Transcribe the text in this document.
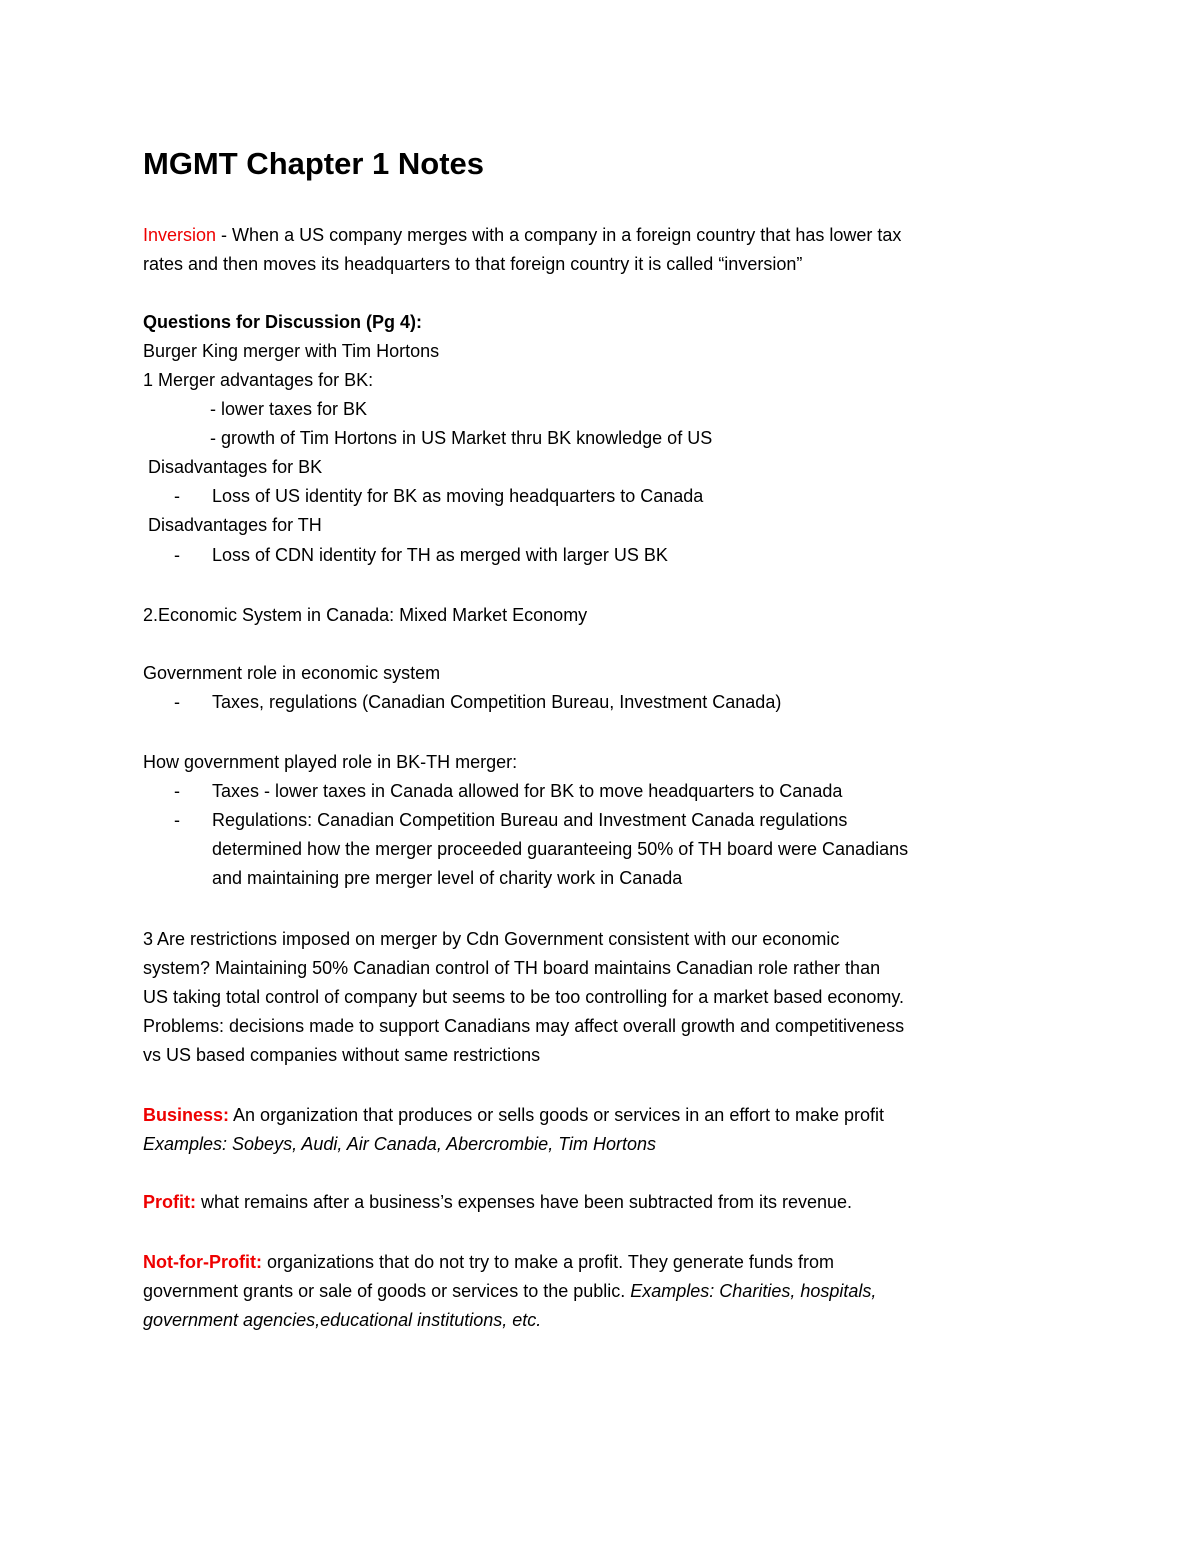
MGMT Chapter 1 Notes

Inversion - When a US company merges with a company in a foreign country that has lower tax

rates and then moves its headquarters to that foreign country it is called “inversion”

Questions for Discussion (Pg 4):

Burger King merger with Tim Hortons

1 Merger advantages for BK:

- lower taxes for BK

- growth of Tim Hortons in US Market thru BK knowledge of US

Disadvantages for BK

- Loss of US identity for BK as moving headquarters to Canada

Disadvantages for TH

- Loss of CDN identity for TH as merged with larger US BK

2.Economic System in Canada: Mixed Market Economy

Government role in economic system

- Taxes, regulations (Canadian Competition Bureau, Investment Canada)

How government played role in BK-TH merger:

- Taxes - lower taxes in Canada allowed for BK to move headquarters to Canada

- Regulations: Canadian Competition Bureau and Investment Canada regulations

determined how the merger proceeded guaranteeing 50% of TH board were Canadians

and maintaining pre merger level of charity work in Canada

3 Are restrictions imposed on merger by Cdn Government consistent with our economic

system? Maintaining 50% Canadian control of TH board maintains Canadian role rather than

US taking total control of company but seems to be too controlling for a market based economy.

Problems: decisions made to support Canadians may affect overall growth and competitiveness

vs US based companies without same restrictions

Business: An organization that produces or sells goods or services in an effort to make profit

Examples: Sobeys, Audi, Air Canada, Abercrombie, Tim Hortons

Profit: what remains after a business’s expenses have been subtracted from its revenue.

Not-for-Profit: organizations that do not try to make a profit. They generate funds from

government grants or sale of goods or services to the public. Examples: Charities, hospitals,

government agencies,educational institutions, etc.
